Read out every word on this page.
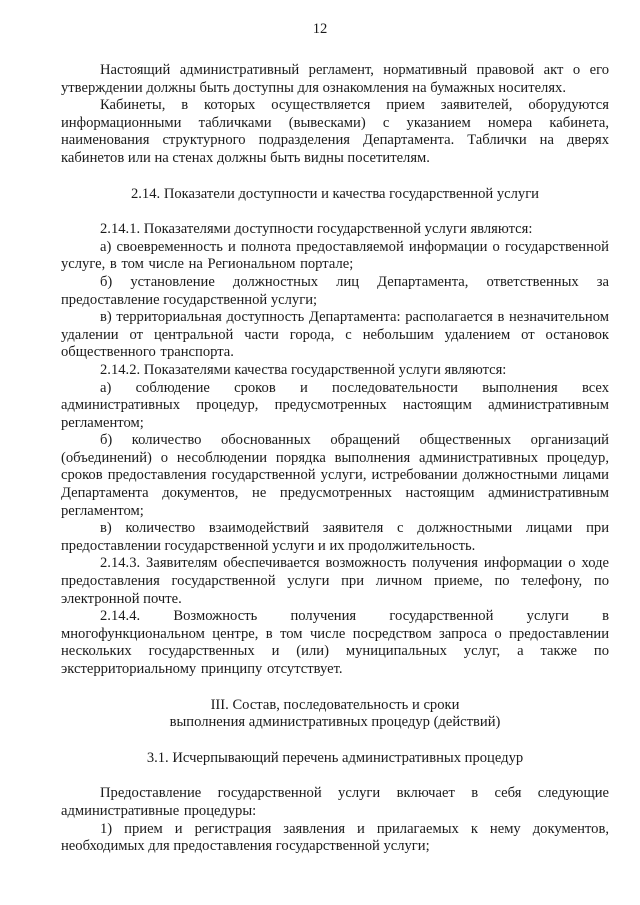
12

Настоящий административный регламент, нормативный правовой акт о его утверждении должны быть доступны для ознакомления на бумажных носителях.

Кабинеты, в которых осуществляется прием заявителей, оборудуются информационными табличками (вывесками) с указанием номера кабинета, наименования структурного подразделения Департамента. Таблички на дверях кабинетов или на стенах должны быть видны посетителям.

2.14. Показатели доступности и качества государственной услуги

2.14.1. Показателями доступности государственной услуги являются:

а) своевременность и полнота предоставляемой информации о государственной услуге, в том числе на Региональном портале;

б) установление должностных лиц Департамента, ответственных за предоставление государственной услуги;

в) территориальная доступность Департамента: располагается в незначительном удалении от центральной части города, с небольшим удалением от остановок общественного транспорта.

2.14.2. Показателями качества государственной услуги являются:

а) соблюдение сроков и последовательности выполнения всех административных процедур, предусмотренных настоящим административным регламентом;

б) количество обоснованных обращений общественных организаций (объединений) о несоблюдении порядка выполнения административных процедур, сроков предоставления государственной услуги, истребовании должностными лицами Департамента документов, не предусмотренных настоящим административным регламентом;

в) количество взаимодействий заявителя с должностными лицами при предоставлении государственной услуги и их продолжительность.

2.14.3. Заявителям обеспечивается возможность получения информации о ходе предоставления государственной услуги при личном приеме, по телефону, по электронной почте.

2.14.4. Возможность получения государственной услуги в многофункциональном центре, в том числе посредством запроса о предоставлении нескольких государственных и (или) муниципальных услуг, а также по экстерриториальному принципу отсутствует.

III. Состав, последовательность и сроки

выполнения административных процедур (действий)

3.1. Исчерпывающий перечень административных процедур

Предоставление государственной услуги включает в себя следующие административные процедуры:

1) прием и регистрация заявления и прилагаемых к нему документов, необходимых для предоставления государственной услуги;
